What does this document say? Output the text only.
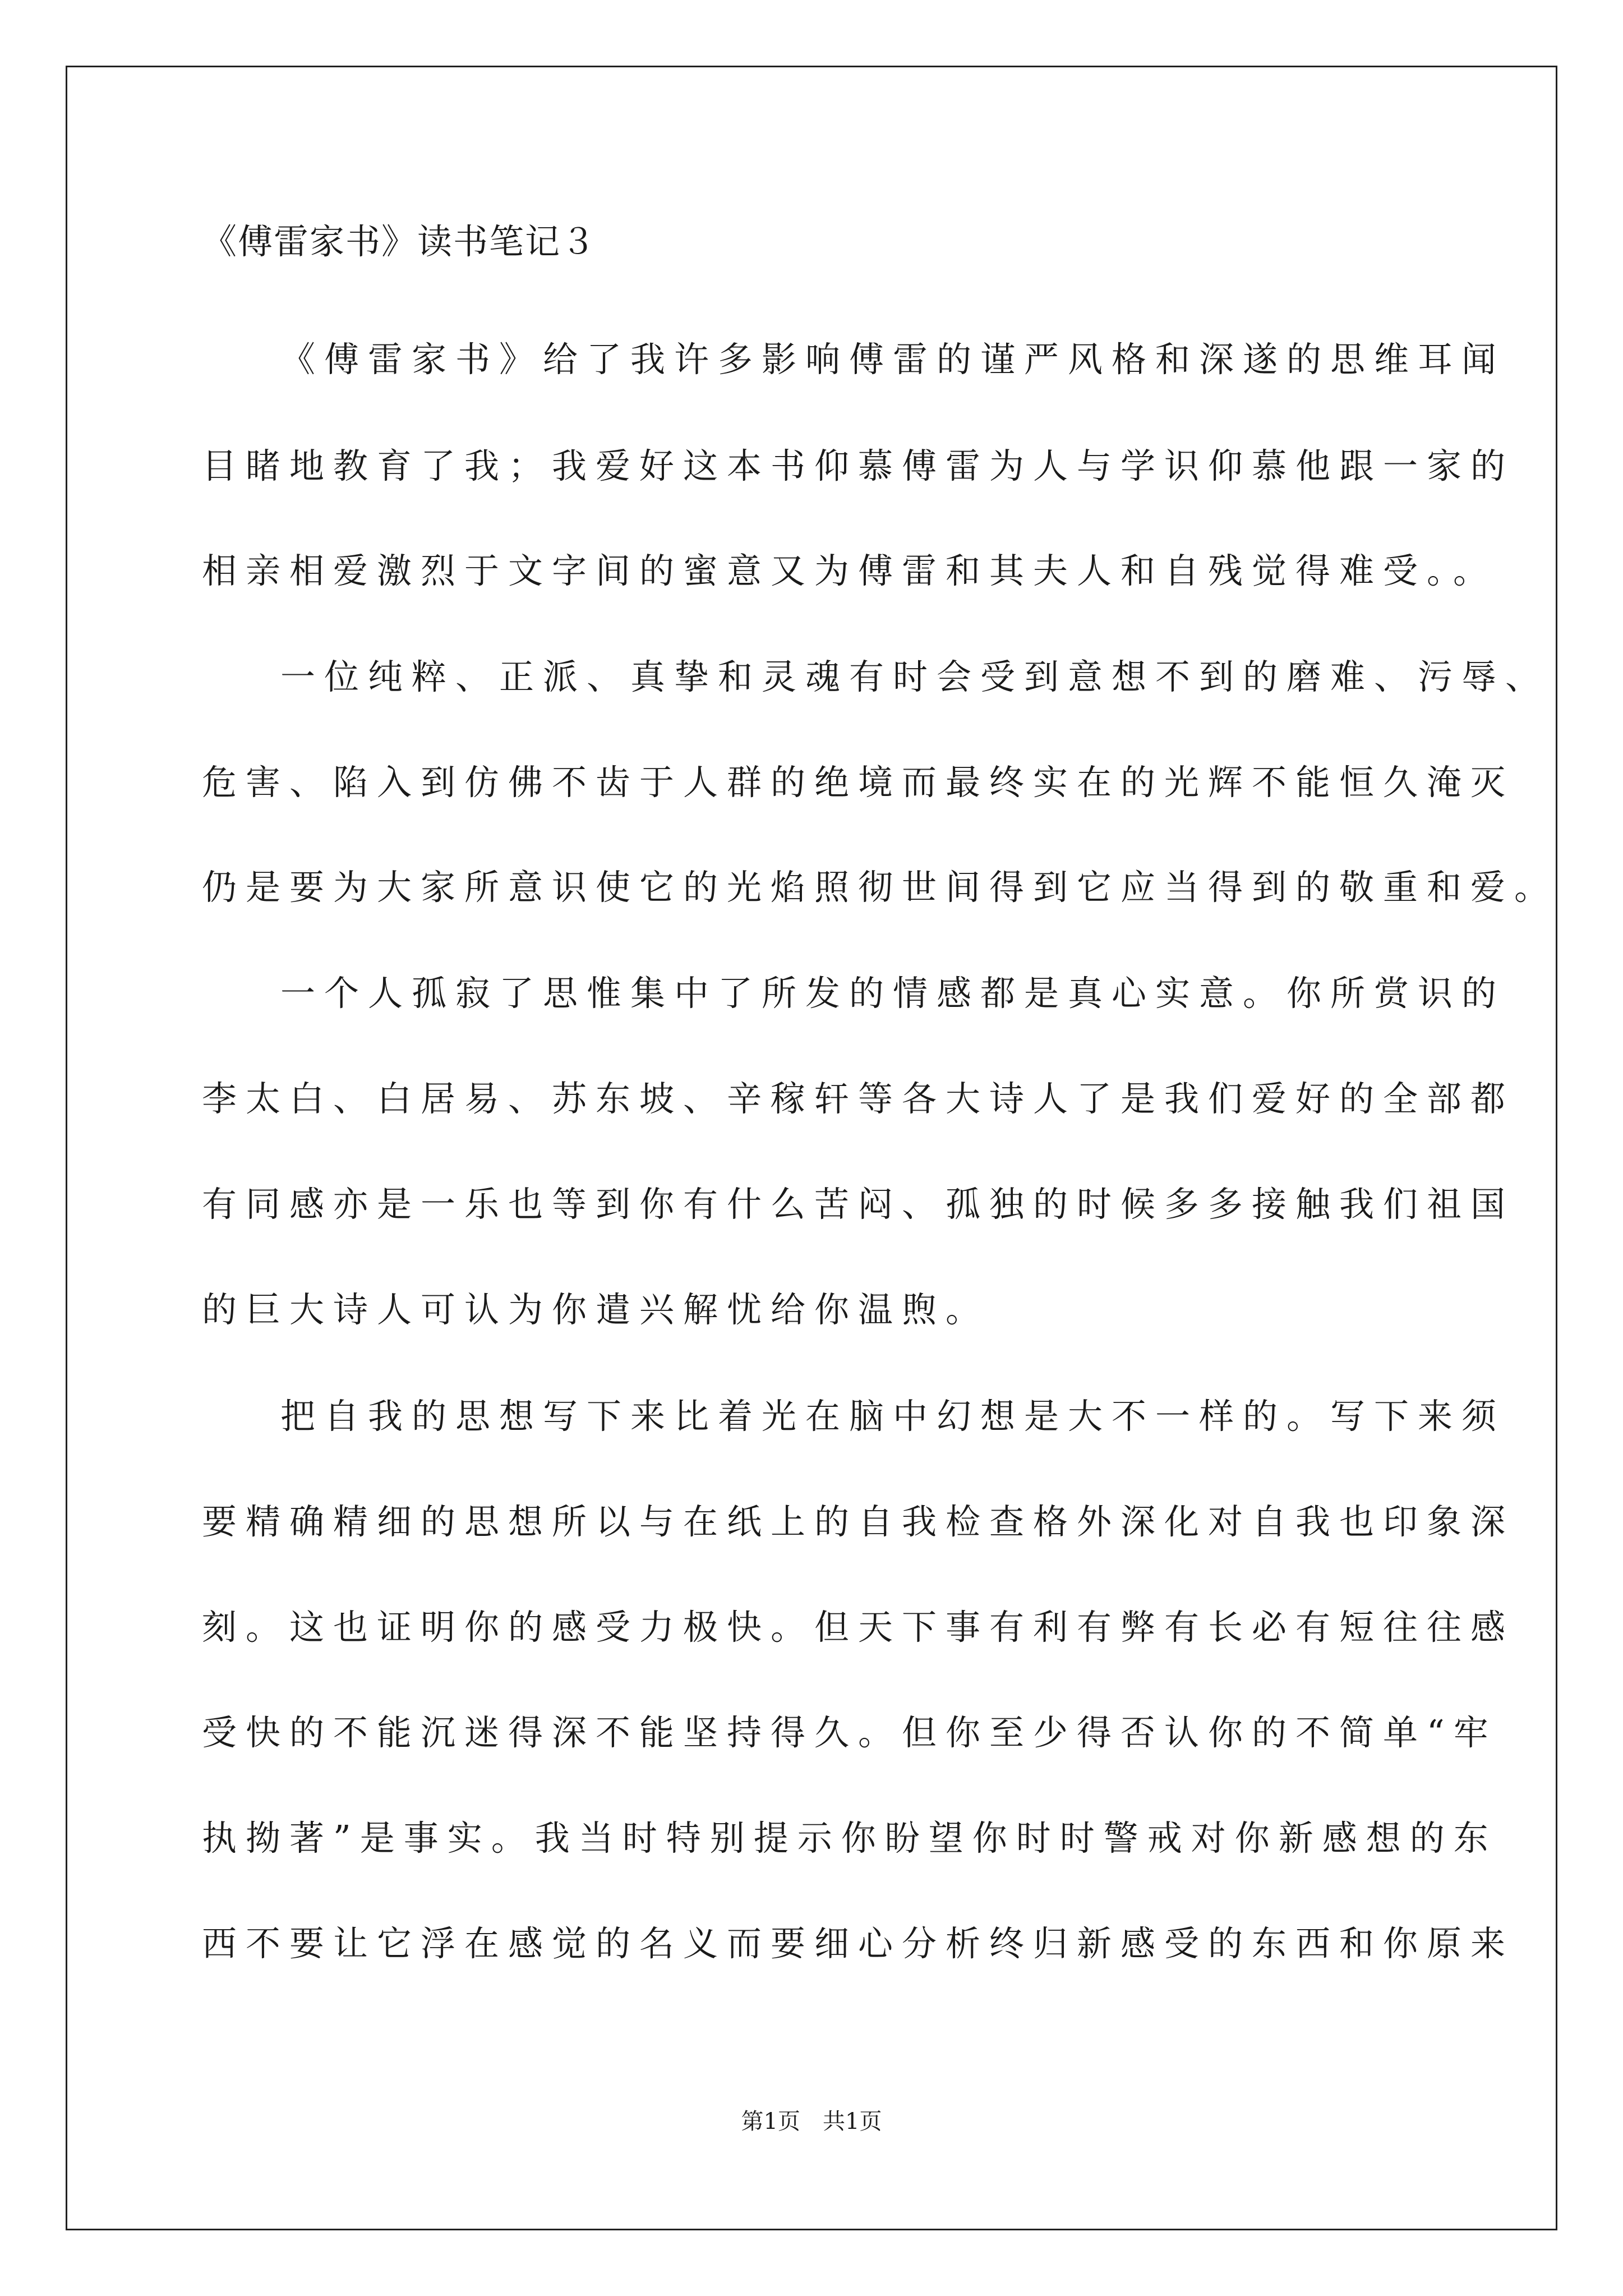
《傅雷家书》读书笔记３
《傅雷家书》给了我许多影响傅雷的谨严风格和深遂的思维耳闻
目睹地教育了我；我爱好这本书仰慕傅雷为人与学识仰慕他跟一家的
相亲相爱激烈于文字间的蜜意又为傅雷和其夫人和自残觉得难受。。
一位纯粹、正派、真挚和灵魂有时会受到意想不到的磨难、污辱、
危害、陷入到仿佛不齿于人群的绝境而最终实在的光辉不能恒久淹灭
仍是要为大家所意识使它的光焰照彻世间得到它应当得到的敬重和爱。
一个人孤寂了思惟集中了所发的情感都是真心实意。你所赏识的
李太白、白居易、苏东坡、辛稼轩等各大诗人了是我们爱好的全部都
有同感亦是一乐也等到你有什么苦闷、孤独的时候多多接触我们祖国
的巨大诗人可认为你遣兴解忧给你温煦。
把自我的思想写下来比着光在脑中幻想是大不一样的。写下来须
要精确精细的思想所以与在纸上的自我检查格外深化对自我也印象深
刻。这也证明你的感受力极快。但天下事有利有弊有长必有短往往感
受快的不能沉迷得深不能坚持得久。但你至少得否认你的不简单“牢
执拗著”是事实。我当时特别提示你盼望你时时警戒对你新感想的东
西不要让它浮在感觉的名义而要细心分析终归新感受的东西和你原来
第1页 共1页
